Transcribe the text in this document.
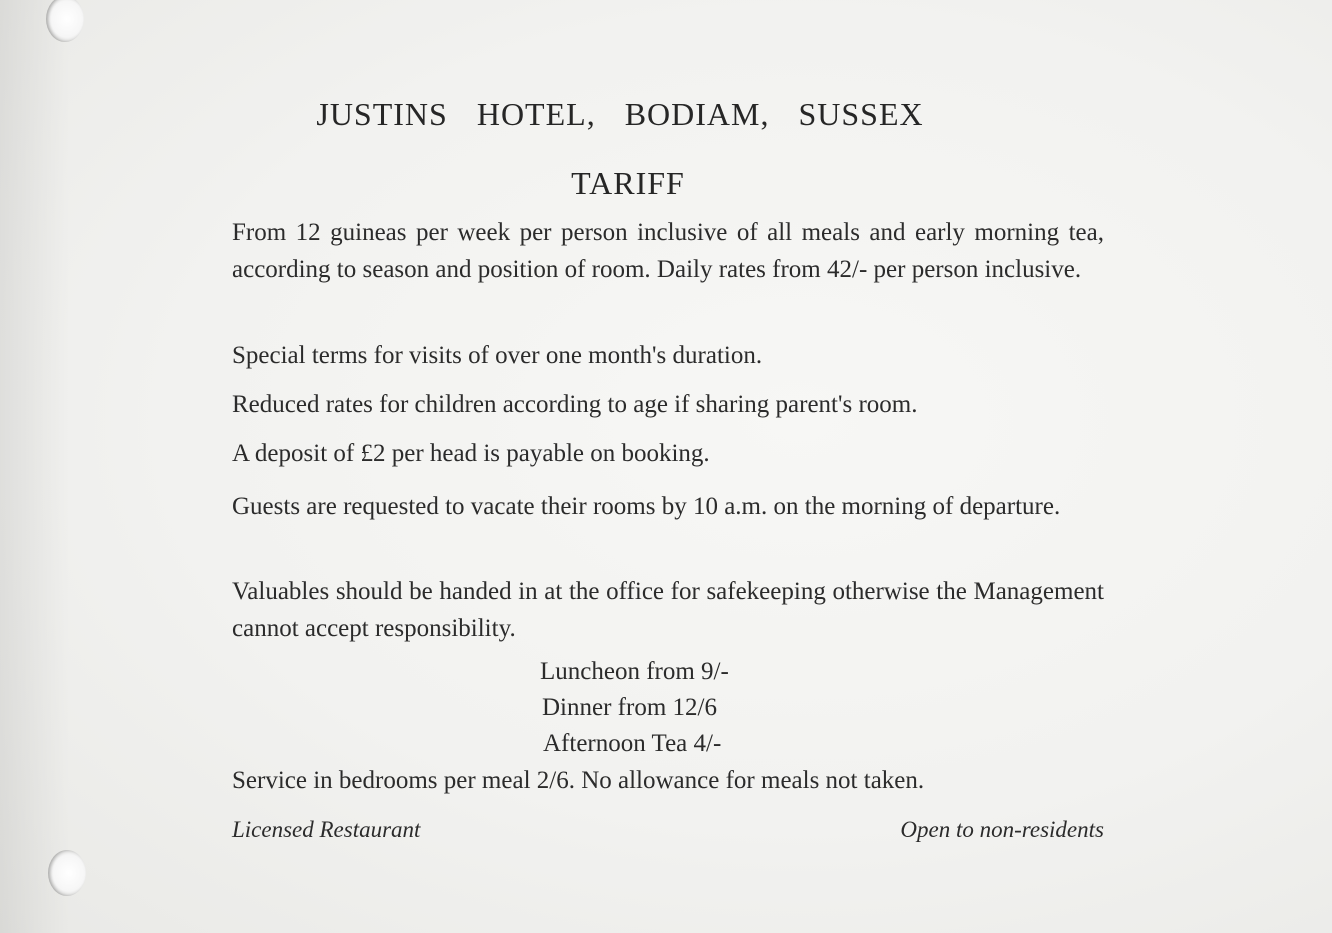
JUSTINS HOTEL, BODIAM, SUSSEX
TARIFF
From 12 guineas per week per person inclusive of all meals and early morning tea, according to season and position of room. Daily rates from 42/- per person inclusive.
Special terms for visits of over one month's duration.
Reduced rates for children according to age if sharing parent's room.
A deposit of £2 per head is payable on booking.
Guests are requested to vacate their rooms by 10 a.m. on the morning of departure.
Valuables should be handed in at the office for safekeeping otherwise the Management cannot accept responsibility.
Luncheon from 9/-
Dinner from 12/6
Afternoon Tea 4/-
Service in bedrooms per meal 2/6. No allowance for meals not taken.
Licensed Restaurant	Open to non-residents
